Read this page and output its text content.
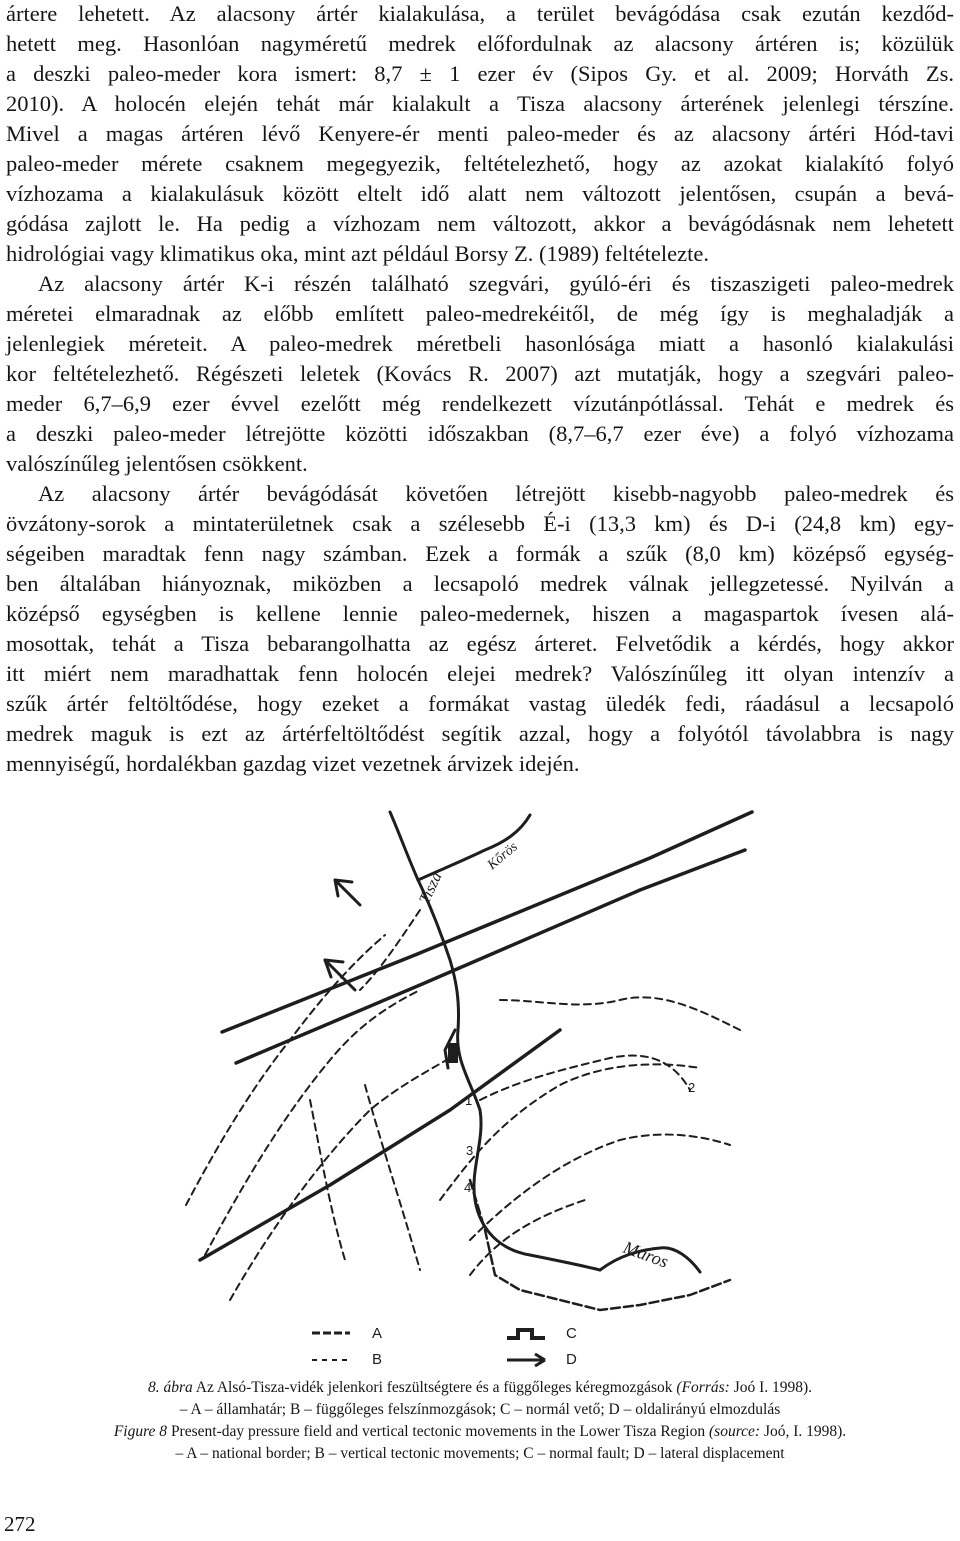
ártere lehetett. Az alacsony ártér kialakulása, a terület bevágódása csak ezután kezdőd-
hetett meg. Hasonlóan nagyméretű medrek előfordulnak az alacsony ártéren is; közülük
a deszki paleo-meder kora ismert: 8,7 ± 1 ezer év (Sipos Gy. et al. 2009; Horváth Zs.
2010). A holocén elején tehát már kialakult a Tisza alacsony árterének jelenlegi térszíne.
Mivel a magas ártéren lévő Kenyere-ér menti paleo-meder és az alacsony ártéri Hód-tavi
paleo-meder mérete csaknem megegyezik, feltételezhető, hogy az azokat kialakító folyó
vízhozama a kialakulásuk között eltelt idő alatt nem változott jelentősen, csupán a bevá-
gódása zajlott le. Ha pedig a vízhozam nem változott, akkor a bevágódásnak nem lehetett
hidrológiai vagy klimatikus oka, mint azt például Borsy Z. (1989) feltételezte.
Az alacsony ártér K-i részén található szegvári, gyúló-éri és tiszaszigeti paleo-medrek
méretei elmaradnak az előbb említett paleo-medrekéitől, de még így is meghaladják a
jelenlegiek méreteit. A paleo-medrek méretbeli hasonlósága miatt a hasonló kialakulási
kor feltételezhető. Régészeti leletek (Kovács R. 2007) azt mutatják, hogy a szegvári paleo-
meder 6,7–6,9 ezer évvel ezelőtt még rendelkezett vízutánpótlással. Tehát e medrek és
a deszki paleo-meder létrejötte közötti időszakban (8,7–6,7 ezer éve) a folyó vízhozama
valószínűleg jelentősen csökkent.
Az alacsony ártér bevágódását követően létrejött kisebb-nagyobb paleo-medrek és
övzátony-sorok a mintaterületnek csak a szélesebb É-i (13,3 km) és D-i (24,8 km) egy-
ségeiben maradtak fenn nagy számban. Ezek a formák a szűk (8,0 km) középső egység-
ben általában hiányoznak, miközben a lecsapoló medrek válnak jellegzetessé. Nyilván a
középső egységben is kellene lennie paleo-medernek, hiszen a magaspartok ívesen alá-
mosottak, tehát a Tisza bebarangolhatta az egész árteret. Felvetődik a kérdés, hogy akkor
itt miért nem maradhattak fenn holocén elejei medrek? Valószínűleg itt olyan intenzív a
szűk ártér feltöltődése, hogy ezeket a formákat vastag üledék fedi, ráadásul a lecsapoló
medrek maguk is ezt az ártérfeltöltődést segítik azzal, hogy a folyótól távolabbra is nagy
mennyiségű, hordalékban gazdag vizet vezetnek árvizek idején.
Tisza
Kőrös
Maros
1
2
3
4
A
B
C
D
8. ábra Az Alsó-Tisza-vidék jelenkori feszültségtere és a függőleges kéregmozgások (Forrás: Joó I. 1998).
– A – államhatár; B – függőleges felszínmozgások; C – normál vető; D – oldalirányú elmozdulás
Figure 8 Present-day pressure field and vertical tectonic movements in the Lower Tisza Region (source: Joó, I. 1998).
– A – national border; B – vertical tectonic movements; C – normal fault; D – lateral displacement
272
